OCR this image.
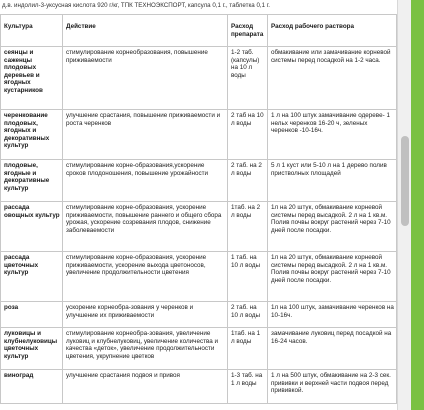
д.в. индолил-3-уксусная кислота 920 г/кг, ТПК ТЕХНОЭКСПОРТ, капсула 0,1 г., таблетка 0,1 г.
Культура	Действие	Расход препарата	Расход рабочего раствора
сеянцы и саженцы плодовых деревьев и ягодных кустарников	стимулирование корнеобразования, повышение приживаемости	1-2 таб. (капсулы) на 10 л воды	обмакивание или замачивание корневой системы перед посадкой на 1-2 часа.
черенкование плодовых, ягодных и декоративных культур	улучшение срастания, повышение приживаемости и роста черенков	2 таб на 10 л воды	1 л на 100 штук замачивание одеревe- 1 нельх черенков 16-20 ч, зеленых черенков -10-16ч.
плодовые, ягодные и декоративные культур	стимулирование корне-образования,ускорение сроков плодоношения, повышение урожайности	2 таб. на 2 л воды	5 л 1 куст или 5-10 л на 1 дерево полив пристволных площадей
рассада овощных культур	стимулирование корне-образования, ускорение приживаемости, повышение раннего и общего сбора урожая, ускорение созревания плодов, снижение заболеваемости	1таб. на 2 л воды	1л на 20 штук, обмакивание корневой системы перед высадкой. 2 л на 1 кв.м. Полив почвы вокруг растений через 7-10 дней после посадки.
рассада цветочных культур	стимулирование корне-образования, ускорение приживаемости, ускорение выхода цветоносов, увеличение продолжительности цветения	1 таб. на 10 л воды	1л на 20 штук, обмакивание корневой системы перед высадкой. 2 л на 1 кв.м. Полив почвы вокруг растений через 7-10 дней после посадки.
роза	ускорение корнеобра-зования у черенков и улучшение их приживаемости	2 таб. на 10 л воды	1л на 100 штук, замачивание черенков на 10-16ч.
луковицы и клубнелуковицы цветочных культур	стимулирование корнеобра-зования, увеличение луковиц и клубнелуковиц, увеличение количества и качества «деток», увеличение продолжительности цветения, укрупнение цветков	1таб. на 1 л воды	замачивание луковиц перед посадкой на 16-24 часов.
виноград	улучшение срастания подвоя и привоя	1-3 таб. на 1 л воды	1 л на 500 штук, обмакивание на 2-3 сек. прививки и верхней части подвоя перед прививкой.
